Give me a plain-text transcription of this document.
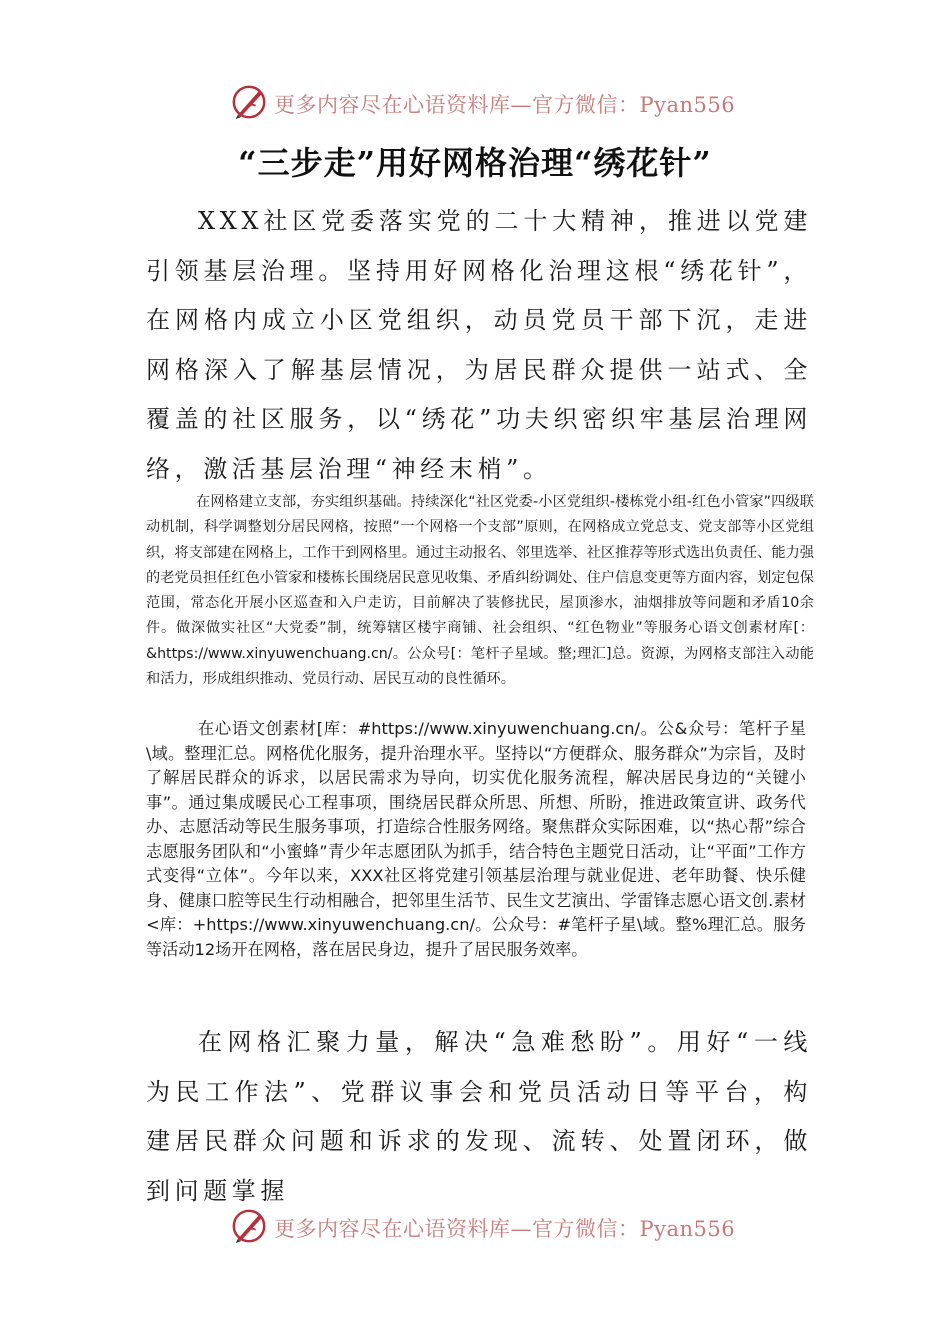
更多内容尽在心语资料库—官方微信：Pyan556
“三步走”用好网格治理“绣花针”

XXX社区党委落实党的二十大精神，推进以党建引领基层治理。坚持用好网格化治理这根“绣花针”，在网格内成立小区党组织，动员党员干部下沉，走进网格深入了解基层情况，为居民群众提供一站式、全覆盖的社区服务，以“绣花”功夫织密织牢基层治理网络，激活基层治理“神经末梢”。

在网格建立支部，夯实组织基础。持续深化“社区党委-小区党组织-楼栋党小组-红色小管家”四级联动机制，科学调整划分居民网格，按照“一个网格一个支部”原则，在网格成立党总支、党支部等小区党组织，将支部建在网格上，工作干到网格里。通过主动报名、邻里选举、社区推荐等形式选出负责任、能力强的老党员担任红色小管家和楼栋长围绕居民意见收集、矛盾纠纷调处、住户信息变更等方面内容，划定包保范围，常态化开展小区巡查和入户走访，目前解决了装修扰民，屋顶渗水，油烟排放等问题和矛盾10余件。做深做实社区“大党委”制，统筹辖区楼宇商铺、社会组织、“红色物业”等服务心语文创素材库[：&https://www.xinyuwenchuang.cn/。公众号[：笔杆子星域。整;理汇]总。资源，为网格支部注入动能和活力，形成组织推动、党员行动、居民互动的良性循环。

在心语文创素材[库：#https://www.xinyuwenchuang.cn/。公&众号：笔杆子星\域。整理汇总。网格优化服务，提升治理水平。坚持以“方便群众、服务群众”为宗旨，及时了解居民群众的诉求，以居民需求为导向，切实优化服务流程，解决居民身边的“关键小事”。通过集成暖民心工程事项，围绕居民群众所思、所想、所盼，推进政策宣讲、政务代办、志愿活动等民生服务事项，打造综合性服务网络。聚焦群众实际困难，以“热心帮”综合志愿服务团队和“小蜜蜂”青少年志愿团队为抓手，结合特色主题党日活动，让“平面”工作方式变得“立体”。今年以来，XXX社区将党建引领基层治理与就业促进、老年助餐、快乐健身、健康口腔等民生行动相融合，把邻里生活节、民生文艺演出、学雷锋志愿心语文创.素材<库：+https://www.xinyuwenchuang.cn/。公众号：#笔杆子星\域。整%理汇总。服务等活动12场开在网格，落在居民身边，提升了居民服务效率。

在网格汇聚力量，解决“急难愁盼”。用好“一线为民工作法”、党群议事会和党员活动日等平台，构建居民群众问题和诉求的发现、流转、处置闭环，做到问题掌握

更多内容尽在心语资料库—官方微信：Pyan556
